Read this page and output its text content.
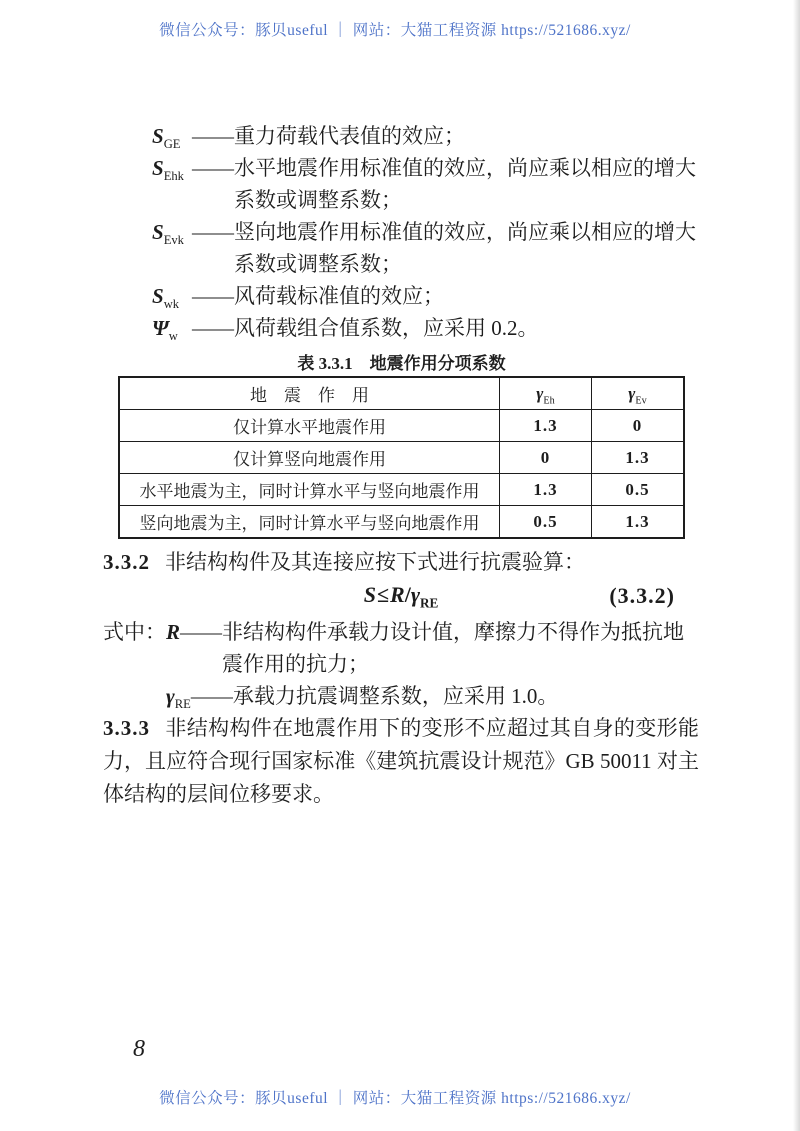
微信公众号：豚贝useful ｜ 网站：大猫工程资源 https://521686.xyz/
$S_{GE}$ —— 重力荷载代表值的效应；
$S_{Ehk}$ —— 水平地震作用标准值的效应，尚应乘以相应的增大系数或调整系数；
$S_{Evk}$ —— 竖向地震作用标准值的效应，尚应乘以相应的增大系数或调整系数；
$S_{wk}$ —— 风荷载标准值的效应；
$\Psi_w$ —— 风荷载组合值系数，应采用 0.2。
表 3.3.1　地震作用分项系数
地　震　作　用	$\gamma_{Eh}$	$\gamma_{Ev}$
仅计算水平地震作用	1.3	0
仅计算竖向地震作用	0	1.3
水平地震为主，同时计算水平与竖向地震作用	1.3	0.5
竖向地震为主，同时计算水平与竖向地震作用	0.5	1.3
3.3.2 非结构构件及其连接应按下式进行抗震验算：
$S\le R/\gamma_{RE}$	(3.3.2)
式中： R—— 非结构构件承载力设计值，摩擦力不得作为抵抗地震作用的抗力；
$\gamma_{RE}——$ 承载力抗震调整系数，应采用 1.0。
3.3.3 非结构构件在地震作用下的变形不应超过其自身的变形能力，且应符合现行国家标准《建筑抗震设计规范》GB 50011 对主体结构的层间位移要求。
8
微信公众号：豚贝useful ｜ 网站：大猫工程资源 https://521686.xyz/
